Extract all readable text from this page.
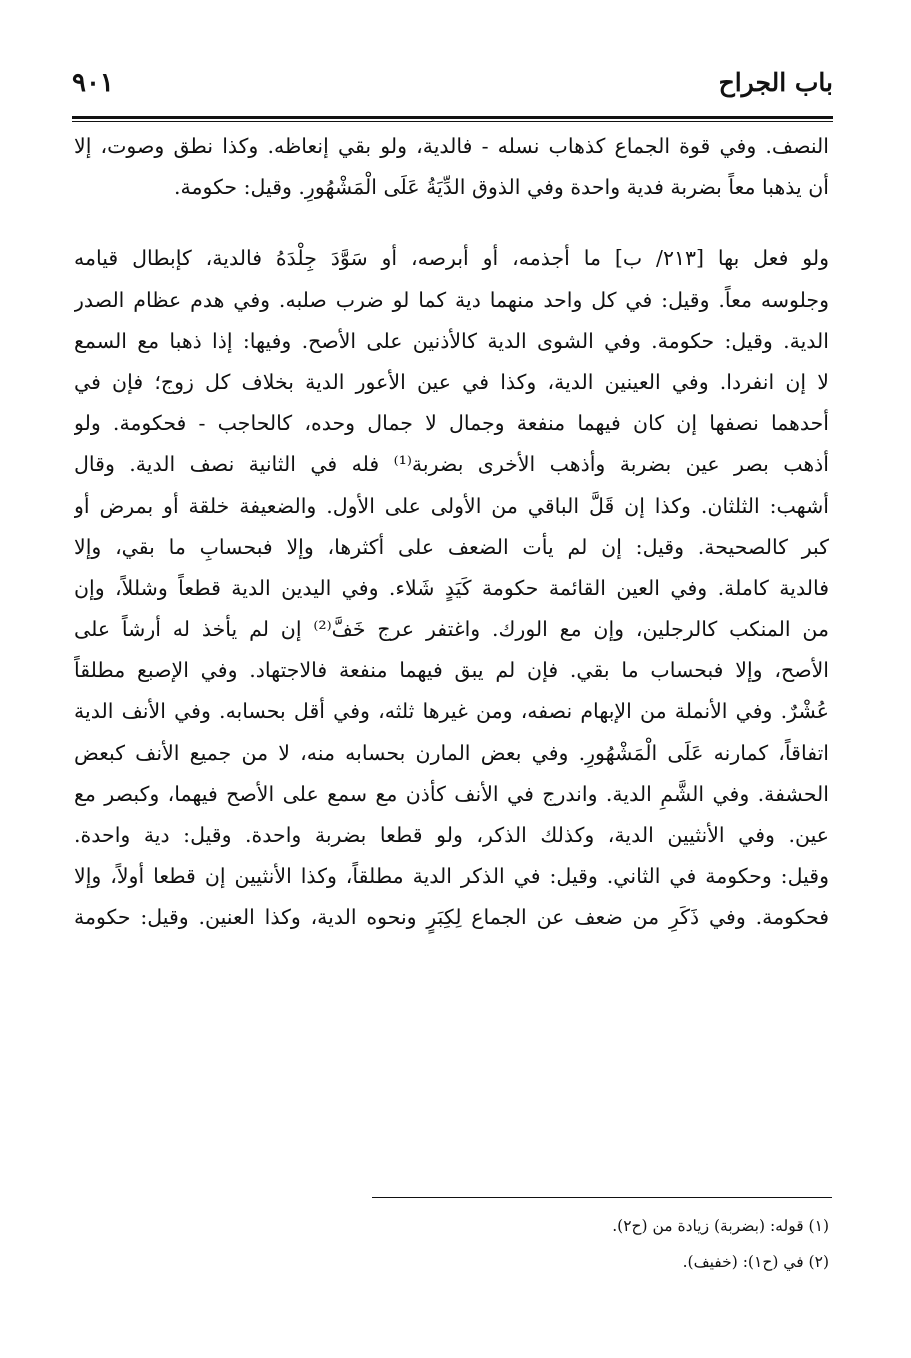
باب الجراح
٩٠١
النصف. وفي قوة الجماع كذهاب نسله - فالدية، ولو بقي إنعاظه. وكذا نطق وصوت، إلا
أن يذهبا معاً بضربة فدية واحدة وفي الذوق الدِّيَةُ عَلَى الْمَشْهُورِ. وقيل: حكومة.
ولو فعل بها [٢١٣/ ب] ما أجذمه، أو أبرصه، أو سَوَّدَ جِلْدَهُ فالدية، كإبطال قيامه
وجلوسه معاً. وقيل: في كل واحد منهما دية كما لو ضرب صلبه. وفي هدم عظام الصدر
الدية. وقيل: حكومة. وفي الشوى الدية كالأذنين على الأصح. وفيها: إذا ذهبا مع السمع
لا إن انفردا. وفي العينين الدية، وكذا في عين الأعور الدية بخلاف كل زوج؛ فإن في
أحدهما نصفها إن كان فيهما منفعة وجمال لا جمال وحده، كالحاجب - فحكومة. ولو
أذهب بصر عين بضربة وأذهب الأخرى بضربة⁽¹⁾ فله في الثانية نصف الدية. وقال
أشهب: الثلثان. وكذا إن قَلَّ الباقي من الأولى على الأول. والضعيفة خلقة أو بمرض أو
كبر كالصحيحة. وقيل: إن لم يأت الضعف على أكثرها، وإلا فبحسابِ ما بقي، وإلا
فالدية كاملة. وفي العين القائمة حكومة كَيَدٍ شَلاء. وفي اليدين الدية قطعاً وشللاً، وإن
من المنكب كالرجلين، وإن مع الورك. واغتفر عرج خَفَّ⁽²⁾ إن لم يأخذ له أرشاً على
الأصح، وإلا فبحساب ما بقي. فإن لم يبق فيهما منفعة فالاجتهاد. وفي الإصبع مطلقاً
عُشْرٌ. وفي الأنملة من الإبهام نصفه، ومن غيرها ثلثه، وفي أقل بحسابه. وفي الأنف الدية
اتفاقاً، كمارنه عَلَى الْمَشْهُورِ. وفي بعض المارن بحسابه منه، لا من جميع الأنف كبعض
الحشفة. وفي الشَّمِ الدية. واندرج في الأنف كأذن مع سمع على الأصح فيهما، وكبصر مع
عين. وفي الأنثيين الدية، وكذلك الذكر، ولو قطعا بضربة واحدة. وقيل: دية واحدة.
وقيل: وحكومة في الثاني. وقيل: في الذكر الدية مطلقاً، وكذا الأنثيين إن قطعا أولاً، وإلا
فحكومة. وفي ذَكَرِ من ضعف عن الجماع لِكِبَرٍ ونحوه الدية، وكذا العنين. وقيل: حكومة
(١) قوله: (بضربة) زيادة من (ح٢).
(٢) في (ح١): (خفيف).
